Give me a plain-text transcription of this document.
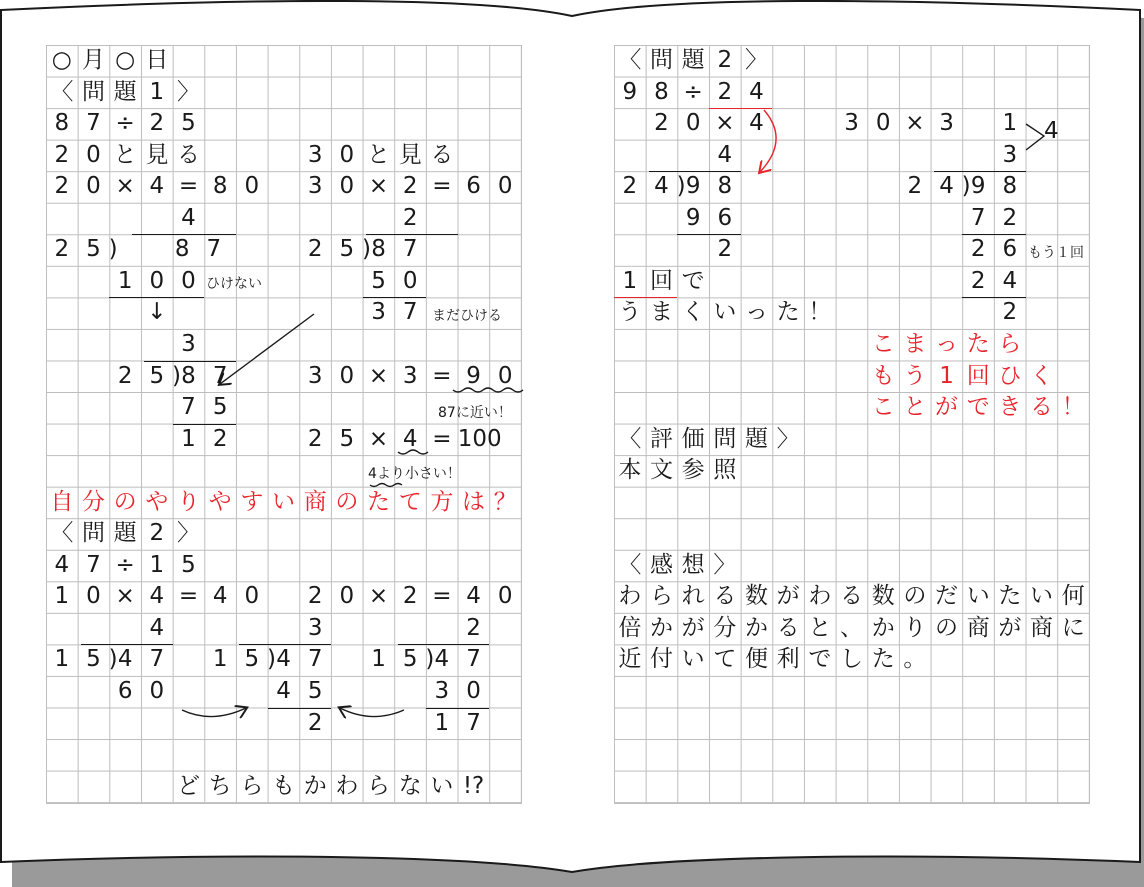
○ 月 ○ 日
〈 問 題 1 〉
8 7 ÷ 2 5
2 0 と 見 る	3 0 と 見 る
2 0 × 4 = 8 0	3 0 × 2 = 6 0
4	2
2 5 )	8 7	2 5 ) 8 7
1 0 0 ひけない
↓
5 0
3 7	まだひける
3
2 5 ) 8 7
7 5
1 2
3 0 × 3 = 9 0
87に近い！
2 5 × 4 = 100
4より小さい！
自 分 の や り や す い 商 の た て 方 は ？
〈 問 題 2 〉
4 7 ÷ 1 5
1 0 × 4 = 4 0	2 0 × 2 = 4 0
4	3	2
1 5 ) 4 7	1 5 ) 4 7	1 5 ) 4 7
6 0	4 5	3 0
2	1 7
ど ち ら も か わ ら な い !?
〈 問 題 2 〉
9 8 ÷ 2 4
2 0 × 4	3 0 × 3
4
1
3
4
2 4 ) 9 8
9 6
2
2 4 ) 9 8
7 2
2 6 もう１回
2 4
2
1 回 で
う ま く い っ た ！
こ ま っ た ら
も う 1 回 ひ く
こ と が で き る ！
〈 評 価 問 題 〉
本 文 参 照
〈 感 想 〉
わ ら れ る 数 が わ る 数 の だ い た い 何
倍 か が 分 か る と 、 か り の 商 が 商 に
近 付 い て 便 利 で し た 。
